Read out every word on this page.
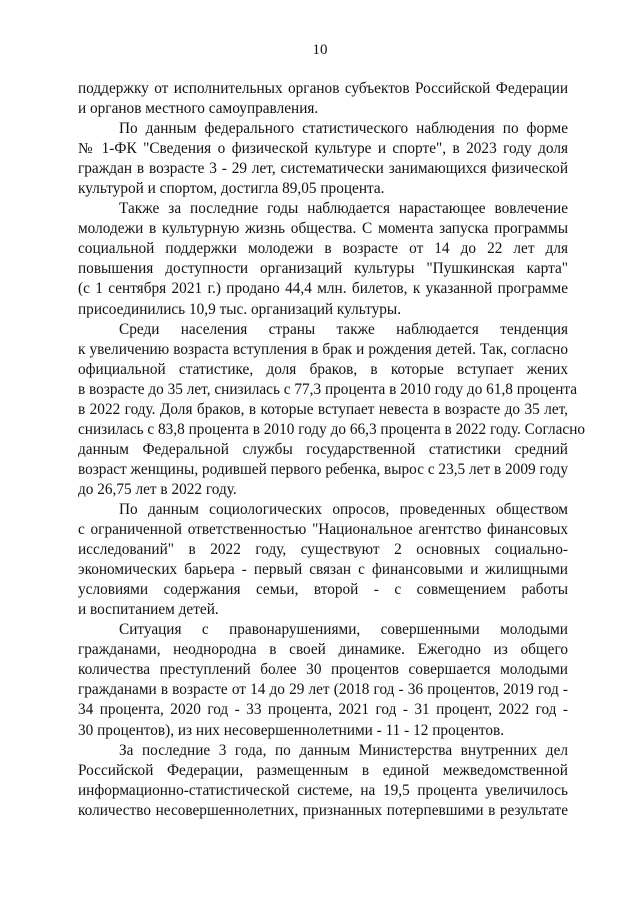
10

поддержку от исполнительных органов субъектов Российской Федерации
и органов местного самоуправления.

По данным федерального статистического наблюдения по форме
№ 1-ФК "Сведения о физической культуре и спорте", в 2023 году доля
граждан в возрасте 3 - 29 лет, систематически занимающихся физической
культурой и спортом, достигла 89,05 процента.

Также за последние годы наблюдается нарастающее вовлечение
молодежи в культурную жизнь общества. С момента запуска программы
социальной поддержки молодежи в возрасте от 14 до 22 лет для
повышения доступности организаций культуры "Пушкинская карта"
(с 1 сентября 2021 г.) продано 44,4 млн. билетов, к указанной программе
присоединились 10,9 тыс. организаций культуры.

Среди населения страны также наблюдается тенденция
к увеличению возраста вступления в брак и рождения детей. Так, согласно
официальной статистике, доля браков, в которые вступает жених
в возрасте до 35 лет, снизилась с 77,3 процента в 2010 году до 61,8 процента
в 2022 году. Доля браков, в которые вступает невеста в возрасте до 35 лет,
снизилась с 83,8 процента в 2010 году до 66,3 процента в 2022 году. Согласно
данным Федеральной службы государственной статистики средний
возраст женщины, родившей первого ребенка, вырос с 23,5 лет в 2009 году
до 26,75 лет в 2022 году.

По данным социологических опросов, проведенных обществом
с ограниченной ответственностью "Национальное агентство финансовых
исследований" в 2022 году, существуют 2 основных социально-
экономических барьера - первый связан с финансовыми и жилищными
условиями содержания семьи, второй - с совмещением работы
и воспитанием детей.

Ситуация с правонарушениями, совершенными молодыми
гражданами, неоднородна в своей динамике. Ежегодно из общего
количества преступлений более 30 процентов совершается молодыми
гражданами в возрасте от 14 до 29 лет (2018 год - 36 процентов, 2019 год -
34 процента, 2020 год - 33 процента, 2021 год - 31 процент, 2022 год -
30 процентов), из них несовершеннолетними - 11 - 12 процентов.

За последние 3 года, по данным Министерства внутренних дел
Российской Федерации, размещенным в единой межведомственной
информационно-статистической системе, на 19,5 процента увеличилось
количество несовершеннолетних, признанных потерпевшими в результате
